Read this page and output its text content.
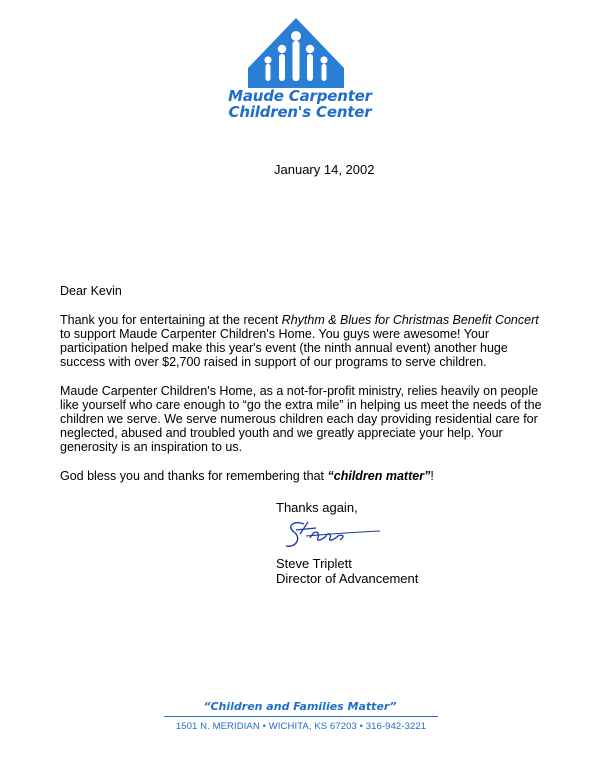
Maude Carpenter
Children's Center
January 14, 2002
Dear Kevin

Thank you for entertaining at the recent Rhythm & Blues for Christmas Benefit Concert to support Maude Carpenter Children's Home. You guys were awesome! Your participation helped make this year's event (the ninth annual event) another huge success with over $2,700 raised in support of our programs to serve children.

Maude Carpenter Children's Home, as a not-for-profit ministry, relies heavily on people like yourself who care enough to “go the extra mile” in helping us meet the needs of the children we serve. We serve numerous children each day providing residential care for neglected, abused and troubled youth and we greatly appreciate your help. Your generosity is an inspiration to us.

God bless you and thanks for remembering that “children matter”!

Thanks again,
Steve Triplett
Director of Advancement
“Children and Families Matter”
1501 N. MERIDIAN • WICHITA, KS 67203 • 316-942-3221
